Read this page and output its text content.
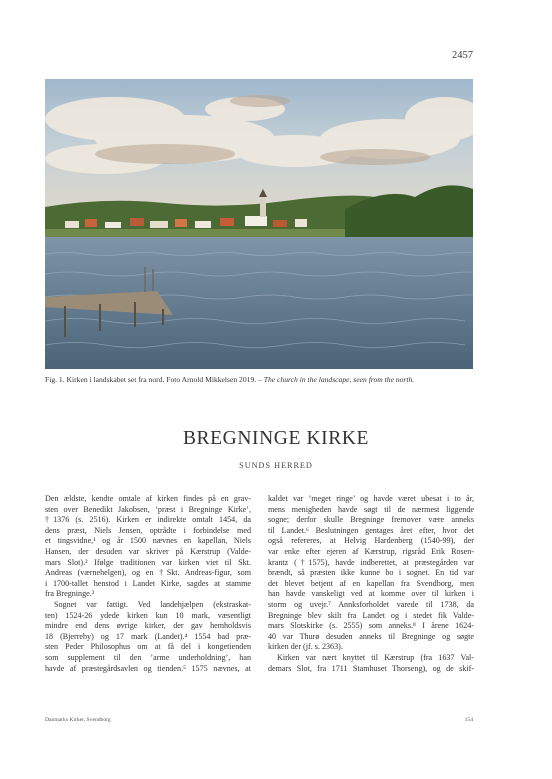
2457
Fig. 1. Kirken i landskabet set fra nord. Foto Arnold Mikkelsen 2019. – The church in the landscape, seen from the north.
BREGNINGE KIRKE
SUNDS HERRED
Den ældste, kendte omtale af kirken findes på en grav-
sten over Benedikt Jakobsen, ’præst i Bregninge Kirke’,
†1376 (s. 2516). Kirken er indirekte omtalt 1454, da
dens præst, Niels Jensen, optrådte i forbindelse med
et tingsvidne,¹ og år 1500 nævnes en kapellan, Niels
Hansen, der desuden var skriver på Kærstrup (Valde-
mars Slot).² Ifølge traditionen var kirken viet til Skt.
Andreas (værnehelgen), og en †Skt. Andreas-figur, som
i 1700-tallet henstod i Landet Kirke, sagdes at stamme
fra Bregninge.³
Sognet var fattigt. Ved landehjælpen (ekstraskat-
ten) 1524-26 ydede kirken kun 10 mark, væsentligt
mindre end dens øvrige kirker, der gav hemholdsvis
18 (Bjerreby) og 17 mark (Landet).⁴ 1554 bad præ-
sten Peder Philosophus om at få del i kongetienden
som supplement til den ’arme underholdning’, han
havde af præstegårdsavlen og tienden.⁵ 1575 nævnes, at
kaldet var ’meget ringe’ og havde været ubesat i to år,
mens menigheden havde søgt til de nærmest liggende
sogne; derfor skulle Bregninge fremover være anneks
til Landet.⁶ Beslutningen gentages året efter, hvor det
også refereres, at Helvig Hardenberg (1540-99), der
var enke efter ejeren af Kærstrup, rigsråd Erik Rosen-
krantz (†1575), havde indberettet, at præstegården var
brændt, så præsten ikke kunne bo i sognet. En tid var
det blevet betjent af en kapellan fra Svendborg, men
han havde vanskeligt ved at komme over til kirken i
storm og uvejr.⁷ Annksforholdet varede til 1738, da
Bregninge blev skilt fra Landet og i stedet fik Valde-
mars Slotskirke (s. 2555) som anneks.⁸ I årene 1624-
40 var Thurø desuden anneks til Bregninge og søgte
kirken der (jf. s. 2363).
Kirken var nært knyttet til Kærstrup (fra 1637 Val-
demars Slot, fra 1711 Stamhuset Thorseng), og de skif-
Danmarks Kirker, Svendborg	154
